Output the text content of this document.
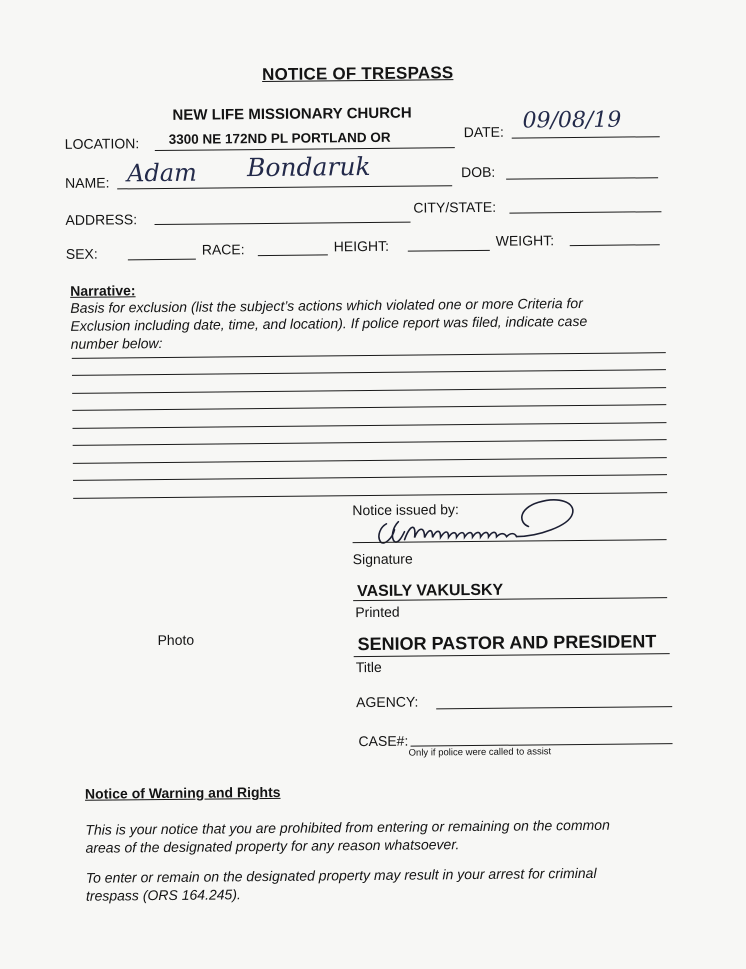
NOTICE OF TRESPASS
NEW LIFE MISSIONARY CHURCH
LOCATION: 3300 NE 172ND PL PORTLAND OR	DATE: 09/08/19
NAME: Adam Bondaruk	DOB:
ADDRESS:
CITY/STATE:
SEX:	RACE:	HEIGHT:	WEIGHT:
Narrative:
Basis for exclusion (list the subject’s actions which violated one or more Criteria for
Exclusion including date, time, and location). If police report was filed, indicate case
number below:
Notice issued by:
Signature
VASILY VAKULSKY
Printed
Photo	SENIOR PASTOR AND PRESIDENT
Title
AGENCY:
CASE#:
Only if police were called to assist
Notice of Warning and Rights
This is your notice that you are prohibited from entering or remaining on the common
areas of the designated property for any reason whatsoever.
To enter or remain on the designated property may result in your arrest for criminal
trespass (ORS 164.245).
